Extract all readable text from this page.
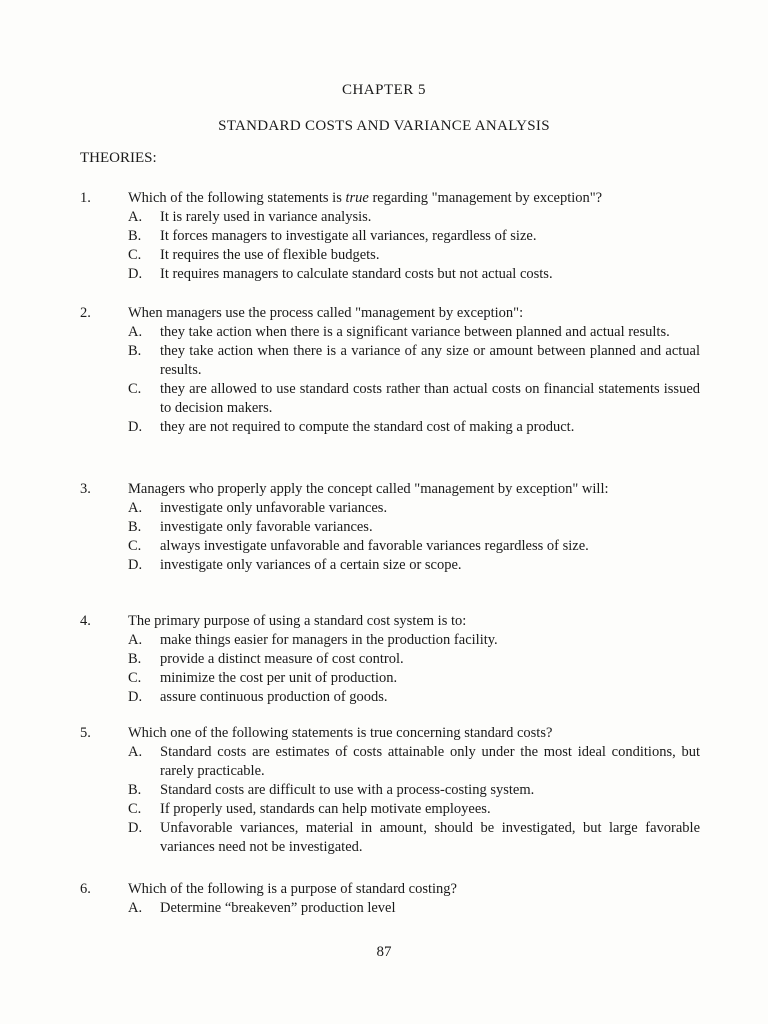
CHAPTER 5
STANDARD COSTS AND VARIANCE ANALYSIS
THEORIES:
1.	Which of the following statements is true regarding "management by exception"?
A.	It is rarely used in variance analysis.
B.	It forces managers to investigate all variances, regardless of size.
C.	It requires the use of flexible budgets.
D.	It requires managers to calculate standard costs but not actual costs.
2.	When managers use the process called "management by exception":
A.	they take action when there is a significant variance between planned and actual results.
B.	they take action when there is a variance of any size or amount between planned and actual results.
C.	they are allowed to use standard costs rather than actual costs on financial statements issued to decision makers.
D.	they are not required to compute the standard cost of making a product.
3.	Managers who properly apply the concept called "management by exception" will:
A.	investigate only unfavorable variances.
B.	investigate only favorable variances.
C.	always investigate unfavorable and favorable variances regardless of size.
D.	investigate only variances of a certain size or scope.
4.	The primary purpose of using a standard cost system is to:
A.	make things easier for managers in the production facility.
B.	provide a distinct measure of cost control.
C.	minimize the cost per unit of production.
D.	assure continuous production of goods.
5.	Which one of the following statements is true concerning standard costs?
A.	Standard costs are estimates of costs attainable only under the most ideal conditions, but rarely practicable.
B.	Standard costs are difficult to use with a process-costing system.
C.	If properly used, standards can help motivate employees.
D.	Unfavorable variances, material in amount, should be investigated, but large favorable variances need not be investigated.
6.	Which of the following is a purpose of standard costing?
A.	Determine “breakeven” production level
87
